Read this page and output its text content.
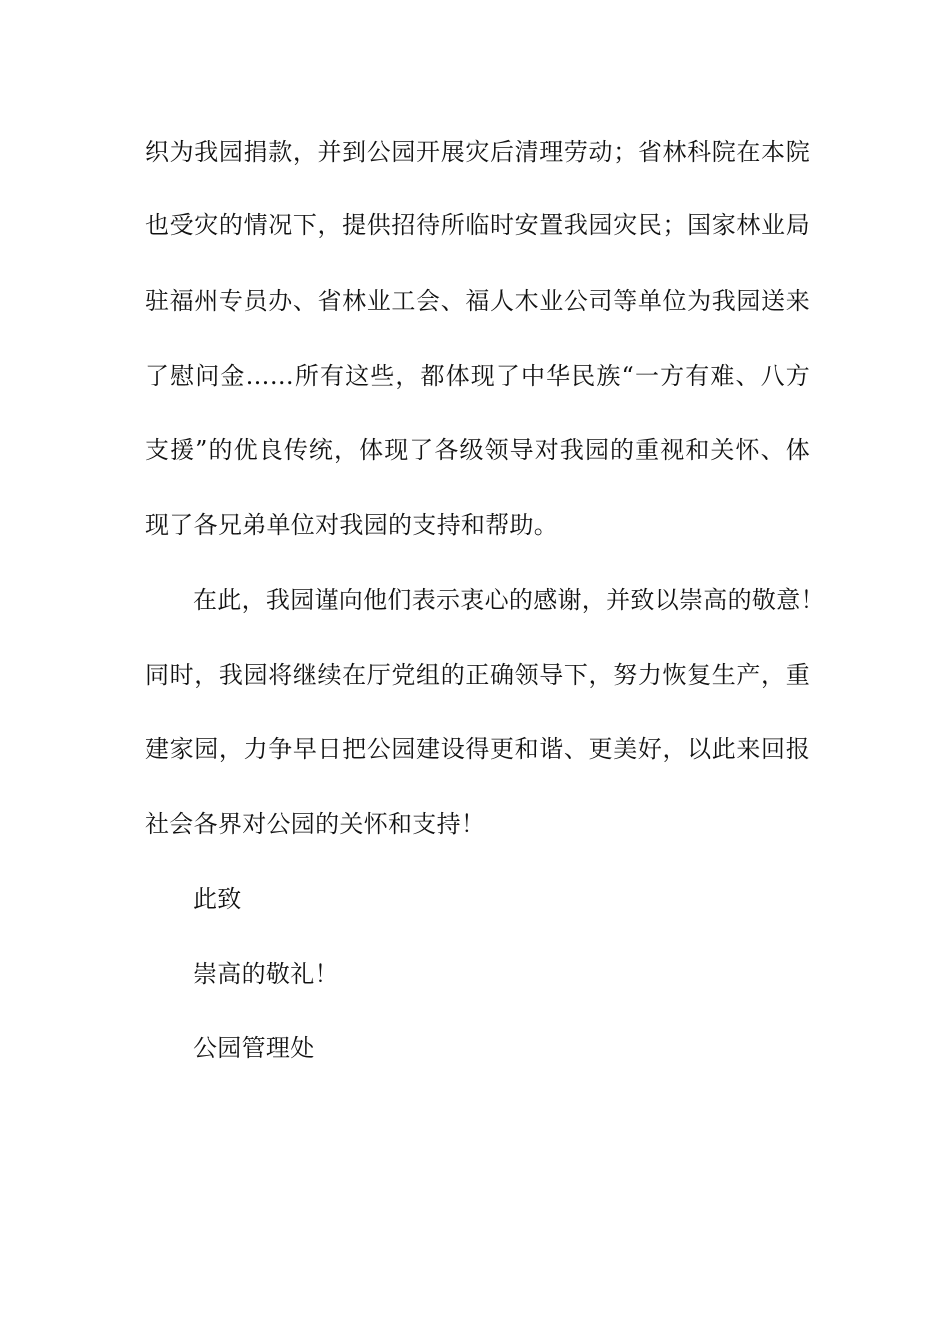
织为我园捐款，并到公园开展灾后清理劳动；省林科院在本院
也受灾的情况下，提供招待所临时安置我园灾民；国家林业局
驻福州专员办、省林业工会、福人木业公司等单位为我园送来
了慰问金……所有这些，都体现了中华民族“一方有难、八方
支援”的优良传统，体现了各级领导对我园的重视和关怀、体
现了各兄弟单位对我园的支持和帮助。
在此，我园谨向他们表示衷心的感谢，并致以崇高的敬意！
同时，我园将继续在厅党组的正确领导下，努力恢复生产，重
建家园，力争早日把公园建设得更和谐、更美好，以此来回报
社会各界对公园的关怀和支持！
此致
崇高的敬礼！
公园管理处
